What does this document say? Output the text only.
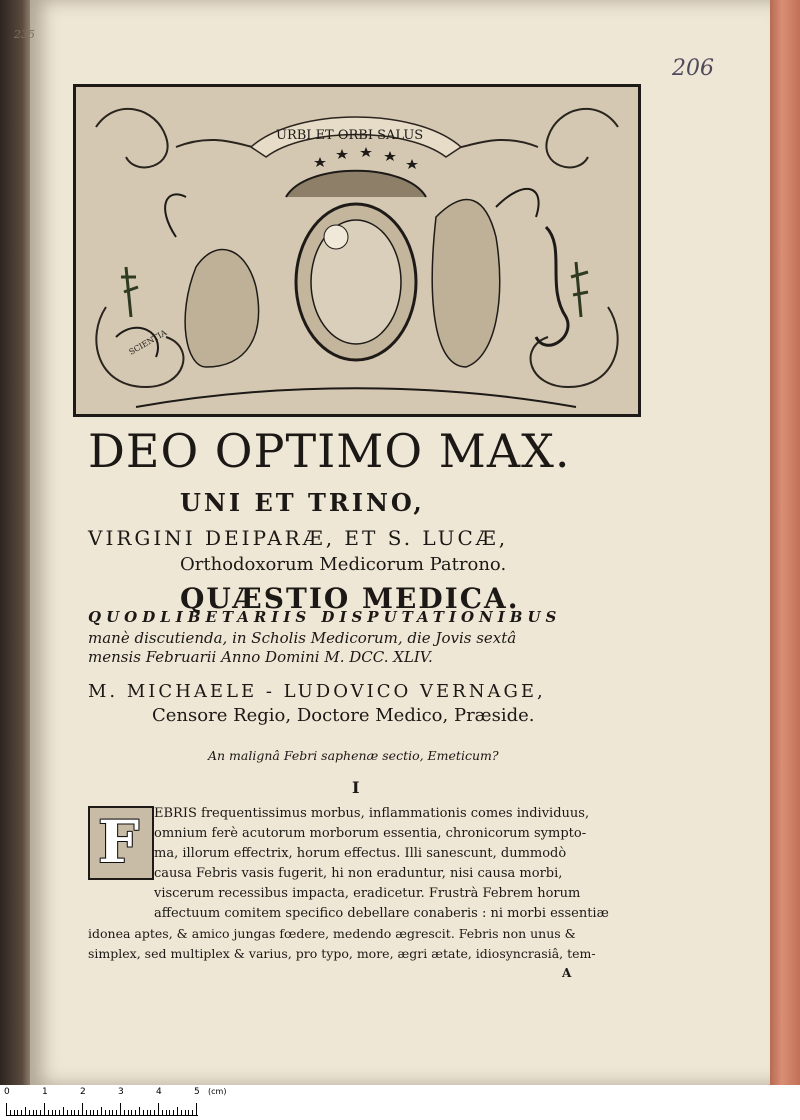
235
206
URBI ET ORBI SALUS
SCIENTIA
DEO OPTIMO MAX.
UNI ET TRINO,
VIRGINI DEIPARÆ, ET S. LUCÆ,
Orthodoxorum Medicorum Patrono.
QUÆSTIO MEDICA.
QUODLIBETARIIS DISPUTATIONIBUS
manè discutienda, in Scholis Medicorum, die Jovis sextâ
mensis Februarii Anno Domini M. DCC. XLIV.
M. MICHAELE - LUDOVICO VERNAGE,
Censore Regio, Doctore Medico, Præside.
An malignâ Febri saphenæ sectio, Emeticum?
I
F EBRIS frequentissimus morbus, inflammationis comes individuus,
omnium ferè acutorum morborum essentia, chronicorum sympto-
ma, illorum effectrix, horum effectus. Illi sanescunt, dummodò
causa Febris vasis fugerit, hi non eraduntur, nisi causa morbi,
viscerum recessibus impacta, eradicetur. Frustrà Febrem horum
affectuum comitem specifico debellare conaberis : ni morbi essentiæ
idonea aptes, & amico jungas fœdere, medendo ægrescit. Febris non unus &
simplex, sed multiplex & varius, pro typo, more, ægri ætate, idiosyncrasiâ, tem-
A
0	1	2	3	4	5 (cm)
